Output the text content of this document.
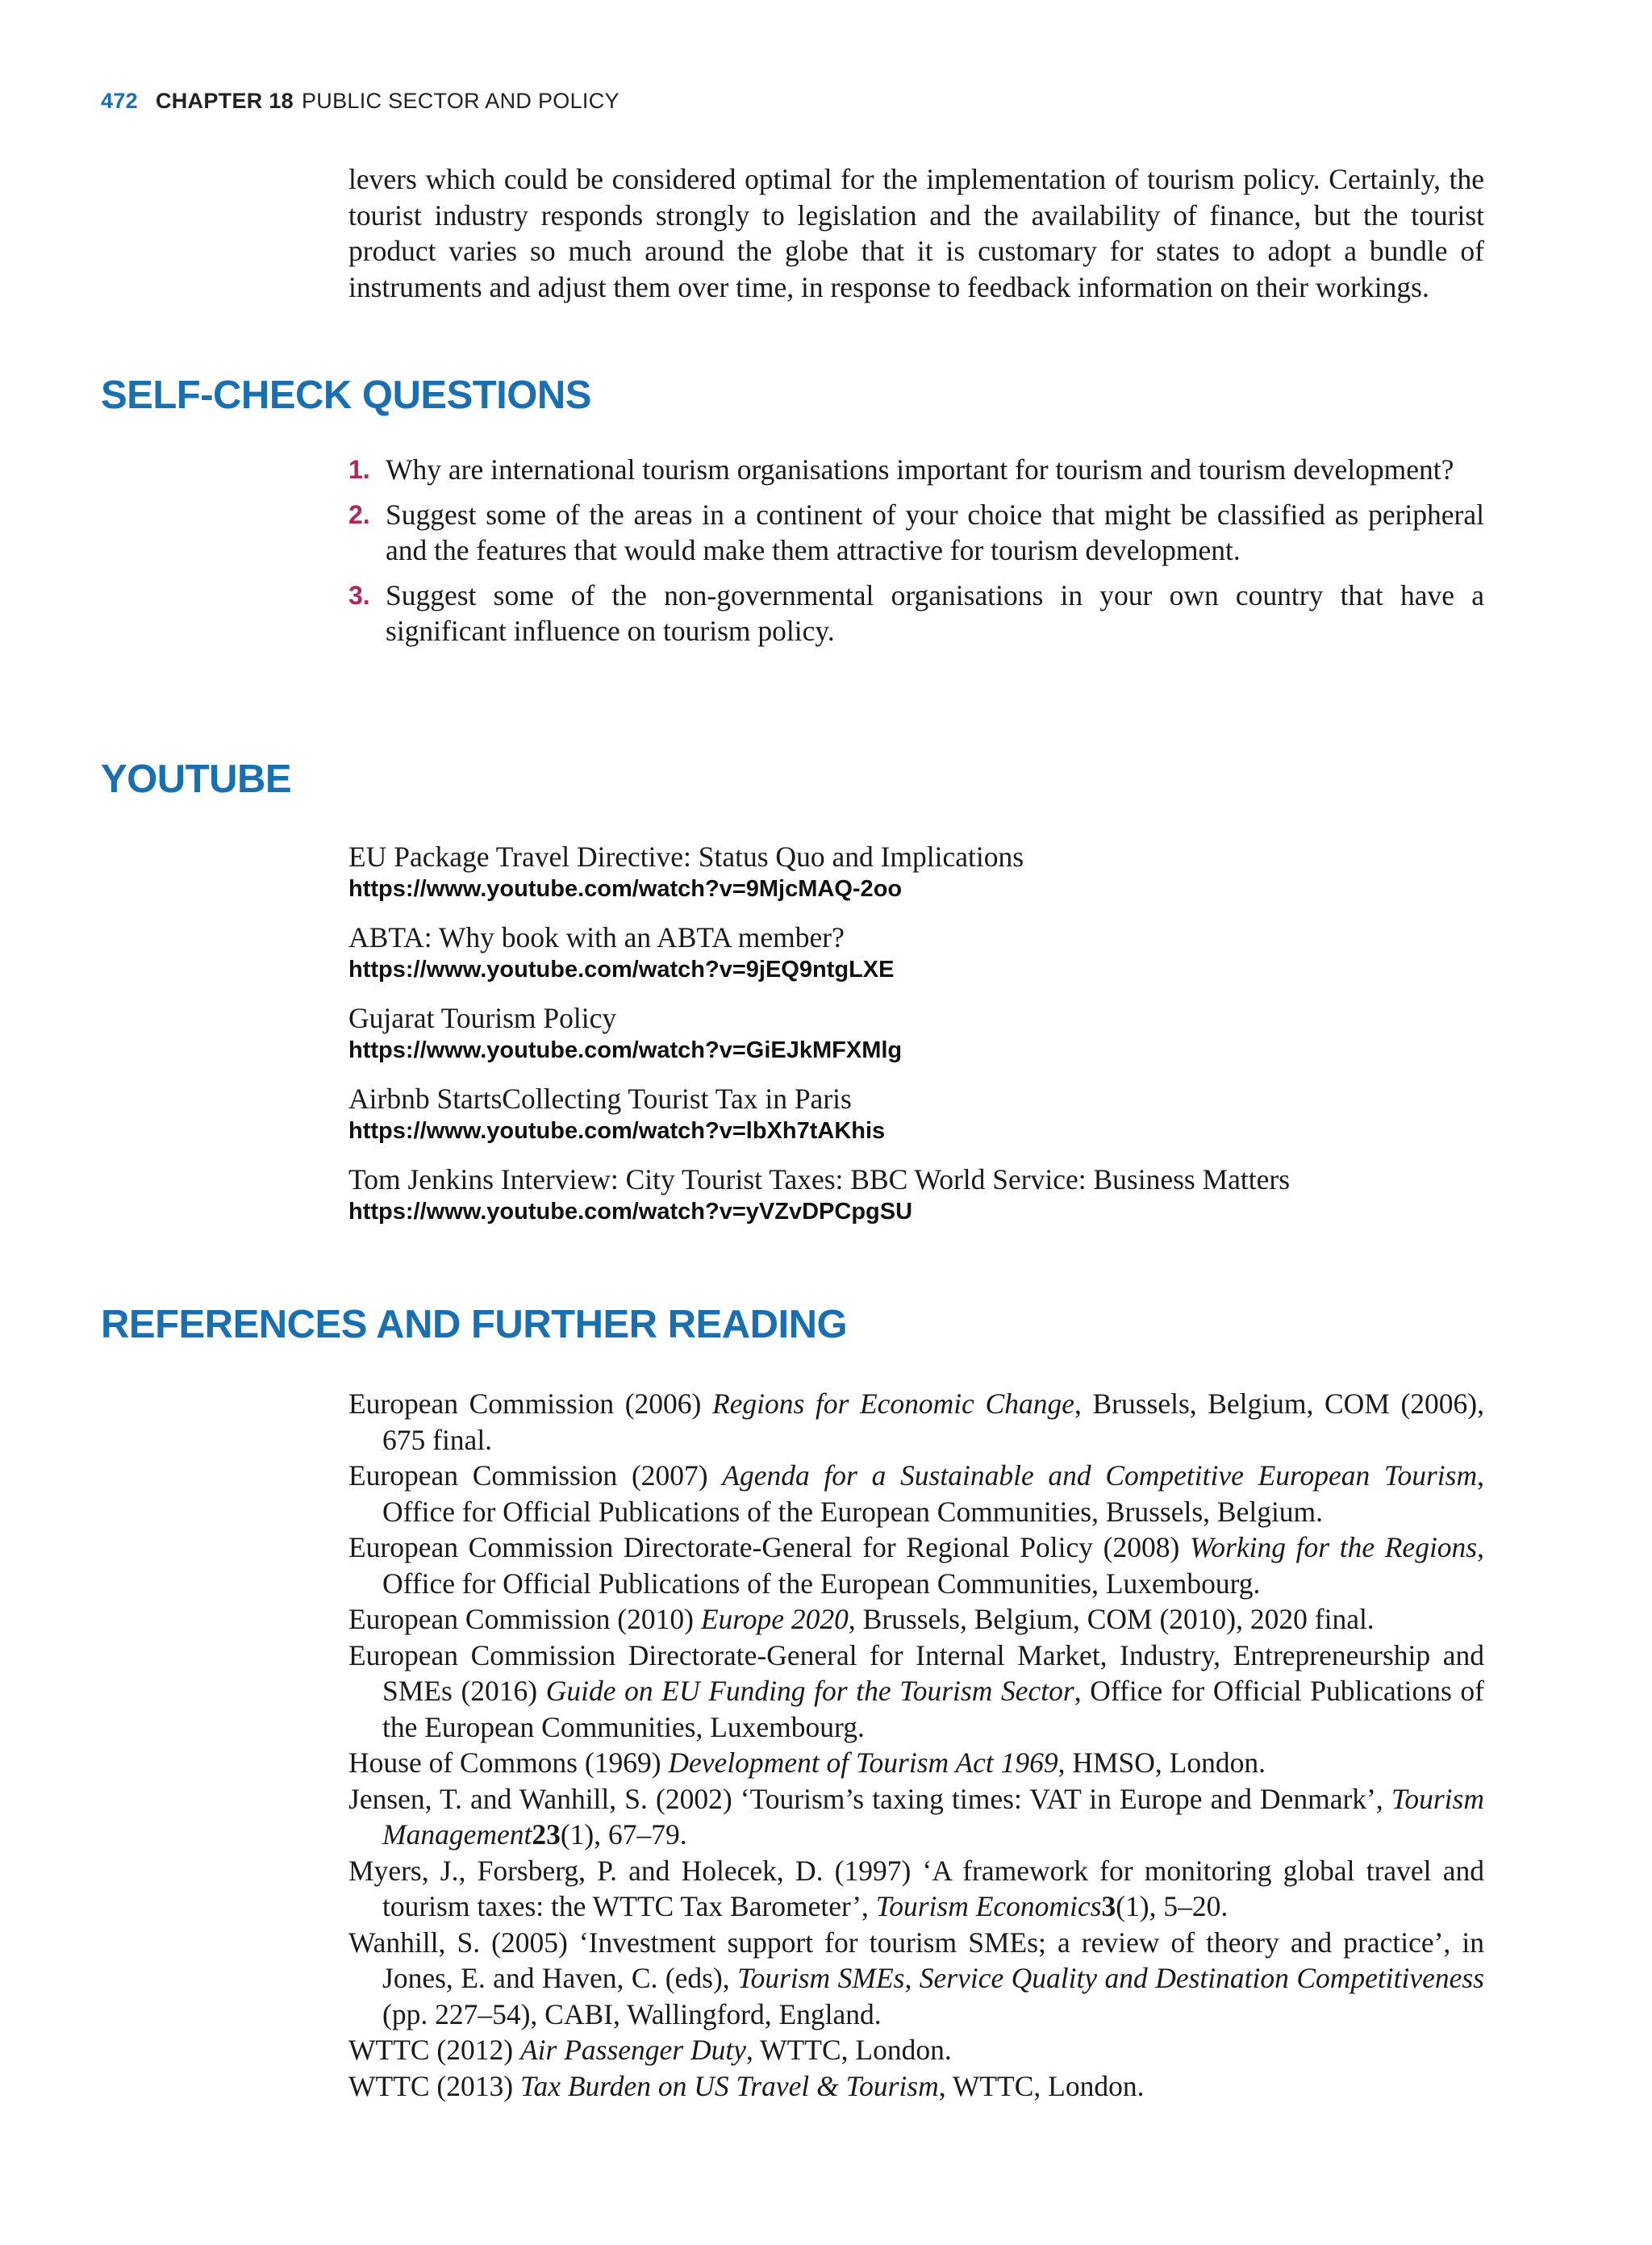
472 CHAPTER 18 PUBLIC SECTOR AND POLICY

levers which could be considered optimal for the implementation of tourism policy. Certainly, the tourist industry responds strongly to legislation and the availability of finance, but the tourist product varies so much around the globe that it is customary for states to adopt a bundle of instruments and adjust them over time, in response to feedback information on their workings.

SELF-CHECK QUESTIONS
1. Why are international tourism organisations important for tourism and tourism development?
2. Suggest some of the areas in a continent of your choice that might be classified as peripheral and the features that would make them attractive for tourism development.
3. Suggest some of the non-governmental organisations in your own country that have a significant influence on tourism policy.
YOUTUBE
EU Package Travel Directive: Status Quo and Implications
https://www.youtube.com/watch?v=9MjcMAQ-2oo
ABTA: Why book with an ABTA member?
https://www.youtube.com/watch?v=9jEQ9ntgLXE
Gujarat Tourism Policy
https://www.youtube.com/watch?v=GiEJkMFXMlg
Airbnb StartsCollecting Tourist Tax in Paris
https://www.youtube.com/watch?v=lbXh7tAKhis
Tom Jenkins Interview: City Tourist Taxes: BBC World Service: Business Matters
https://www.youtube.com/watch?v=yVZvDPCpgSU
REFERENCES AND FURTHER READING
European Commission (2006) Regions for Economic Change, Brussels, Belgium, COM (2006), 675 final.
European Commission (2007) Agenda for a Sustainable and Competitive European Tourism, Office for Official Publications of the European Communities, Brussels, Belgium.
European Commission Directorate-General for Regional Policy (2008) Working for the Regions, Office for Official Publications of the European Communities, Luxembourg.
European Commission (2010) Europe 2020, Brussels, Belgium, COM (2010), 2020 final.
European Commission Directorate-General for Internal Market, Industry, Entrepreneurship and SMEs (2016) Guide on EU Funding for the Tourism Sector, Office for Official Publications of the European Communities, Luxembourg.
House of Commons (1969) Development of Tourism Act 1969, HMSO, London.
Jensen, T. and Wanhill, S. (2002) ‘Tourism’s taxing times: VAT in Europe and Denmark’, Tourism Management23(1), 67–79.
Myers, J., Forsberg, P. and Holecek, D. (1997) ‘A framework for monitoring global travel and tourism taxes: the WTTC Tax Barometer’, Tourism Economics3(1), 5–20.
Wanhill, S. (2005) ‘Investment support for tourism SMEs; a review of theory and practice’, in Jones, E. and Haven, C. (eds), Tourism SMEs, Service Quality and Destination Competitiveness (pp. 227–54), CABI, Wallingford, England.
WTTC (2012) Air Passenger Duty, WTTC, London.
WTTC (2013) Tax Burden on US Travel & Tourism, WTTC, London.
